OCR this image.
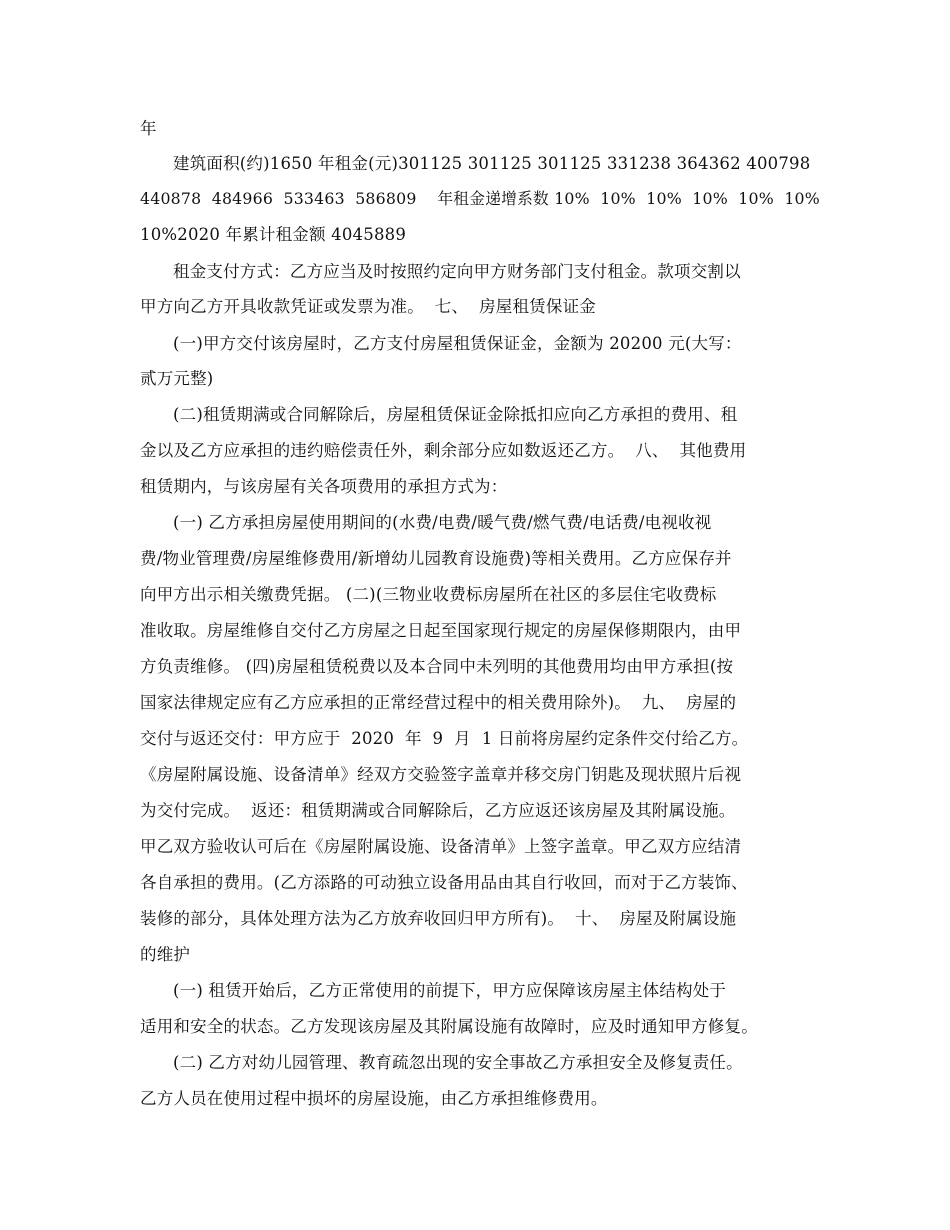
年
建筑面积(约)1650 年租金(元)301125 301125 301125 331238 364362 400798
440878  484966  533463  586809    年租金递增系数 10%  10%  10%  10%  10%  10%
10%2020 年累计租金额 4045889
租金支付方式：乙方应当及时按照约定向甲方财务部门支付租金。款项交割以
甲方向乙方开具收款凭证或发票为准。  七、  房屋租赁保证金
(一)甲方交付该房屋时，乙方支付房屋租赁保证金，金额为 20200 元(大写：
贰万元整)
(二)租赁期满或合同解除后，房屋租赁保证金除抵扣应向乙方承担的费用、租
金以及乙方应承担的违约赔偿责任外，剩余部分应如数返还乙方。  八、  其他费用
租赁期内，与该房屋有关各项费用的承担方式为：
(一) 乙方承担房屋使用期间的(水费/电费/暖气费/燃气费/电话费/电视收视
费/物业管理费/房屋维修费用/新增幼儿园教育设施费)等相关费用。乙方应保存并
向甲方出示相关缴费凭据。 (二)(三物业收费标房屋所在社区的多层住宅收费标
准收取。房屋维修自交付乙方房屋之日起至国家现行规定的房屋保修期限内，由甲
方负责维修。 (四)房屋租赁税费以及本合同中未列明的其他费用均由甲方承担(按
国家法律规定应有乙方应承担的正常经营过程中的相关费用除外)。  九、  房屋的
交付与返还交付：甲方应于  2020  年  9  月  1 日前将房屋约定条件交付给乙方。
《房屋附属设施、设备清单》经双方交验签字盖章并移交房门钥匙及现状照片后视
为交付完成。  返还：租赁期满或合同解除后，乙方应返还该房屋及其附属设施。
甲乙双方验收认可后在《房屋附属设施、设备清单》上签字盖章。甲乙双方应结清
各自承担的费用。(乙方添路的可动独立设备用品由其自行收回，而对于乙方装饰、
装修的部分，具体处理方法为乙方放弃收回归甲方所有)。  十、  房屋及附属设施
的维护
(一) 租赁开始后，乙方正常使用的前提下，甲方应保障该房屋主体结构处于
适用和安全的状态。乙方发现该房屋及其附属设施有故障时，应及时通知甲方修复。
(二) 乙方对幼儿园管理、教育疏忽出现的安全事故乙方承担安全及修复责任。
乙方人员在使用过程中损坏的房屋设施，由乙方承担维修费用。
